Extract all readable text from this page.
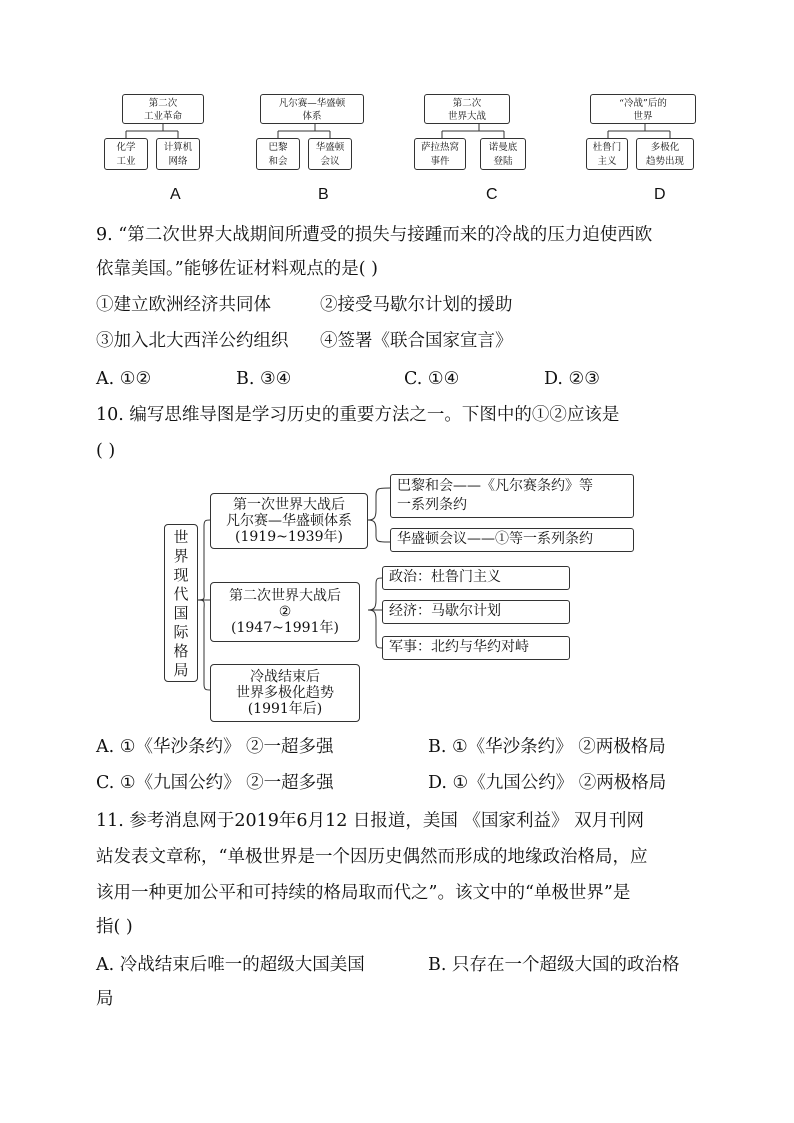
第二次
工业革命
化学
工业
计算机
网络
凡尔赛—华盛顿
体系
巴黎
和会
华盛顿
会议
第二次
世界大战
萨拉热窝
事件
诺曼底
登陆
“冷战”后的
世界
杜鲁门
主义
多极化
趋势出现
A	B	C	D
9. “第二次世界大战期间所遭受的损失与接踵而来的冷战的压力迫使西欧
依靠美国。”能够佐证材料观点的是( )
①建立欧洲经济共同体	②接受马歇尔计划的援助
③加入北大西洋公约组织 ④签署《联合国家宣言》
A. ①②	B. ③④	C. ①④	D. ②③
10. 编写思维导图是学习历史的重要方法之一。下图中的①②应该是
( )
世
界
现
代
国
际
格
局
第一次世界大战后
凡尔赛—华盛顿体系
(1919~1939年)
第二次世界大战后
②
(1947~1991年)
冷战结束后
世界多极化趋势
(1991年后)
巴黎和会——《凡尔赛条约》等
一系列条约
华盛顿会议——①等一系列条约
政治：杜鲁门主义
经济：马歇尔计划
军事：北约与华约对峙
A. ①《华沙条约》 ②一超多强	B. ①《华沙条约》 ②两极格局
C. ①《九国公约》 ②一超多强	D. ①《九国公约》 ②两极格局
11. 参考消息网于2019年6月12 日报道，美国 《国家利益》 双月刊网
站发表文章称，“单极世界是一个因历史偶然而形成的地缘政治格局，应
该用一种更加公平和可持续的格局取而代之”。该文中的“单极世界”是
指( )
A. 冷战结束后唯一的超级大国美国	B. 只存在一个超级大国的政治格
局
